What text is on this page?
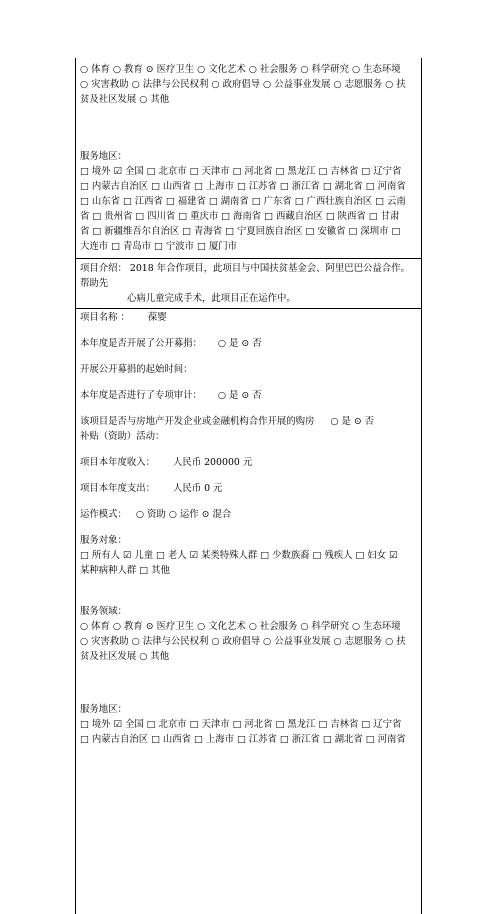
○ 体育 ○ 教育 ⊙ 医疗卫生 ○ 文化艺术 ○ 社会服务 ○ 科学研究 ○ 生态环境
○ 灾害救助 ○ 法律与公民权利 ○ 政府倡导 ○ 公益事业发展 ○ 志愿服务 ○ 扶
贫及社区发展 ○ 其他
服务地区：
□ 境外 ☑ 全国 □ 北京市 □ 天津市 □ 河北省 □ 黑龙江 □ 吉林省 □ 辽宁省
□ 内蒙古自治区 □ 山西省 □ 上海市 □ 江苏省 □ 浙江省 □ 湖北省 □ 河南省
□ 山东省 □ 江西省 □ 福建省 □ 湖南省 □ 广东省 □ 广西壮族自治区 □ 云南
省 □ 贵州省 □ 四川省 □ 重庆市 □ 海南省 □ 西藏自治区 □ 陕西省 □ 甘肃
省 □ 新疆维吾尔自治区 □ 青海省 □ 宁夏回族自治区 □ 安徽省 □ 深圳市 □
大连市 □ 青岛市 □ 宁波市 □ 厦门市
项目介绍： 2018 年合作项目，此项目与中国扶贫基金会、阿里巴巴公益合作。帮助先
心病儿童完成手术，此项目正在运作中。
项目名称 ： 葆婴
本年度是否开展了公开募捐： ○ 是 ⊙ 否
开展公开募捐的起始时间：
本年度是否进行了专项审计： ○ 是 ⊙ 否
该项目是否与房地产开发企业或金融机构合作开展的购房 ○ 是 ⊙ 否
补贴（资助）活动：
项目本年度收入： 人民币 200000 元
项目本年度支出： 人民币 0 元
运作模式： ○ 资助 ○ 运作 ⊙ 混合
服务对象：
□ 所有人 ☑ 儿童 □ 老人 ☑ 某类特殊人群 □ 少数族裔 □ 残疾人 □ 妇女 ☑
某种病种人群 □ 其他
服务领域：
○ 体育 ○ 教育 ⊙ 医疗卫生 ○ 文化艺术 ○ 社会服务 ○ 科学研究 ○ 生态环境
○ 灾害救助 ○ 法律与公民权利 ○ 政府倡导 ○ 公益事业发展 ○ 志愿服务 ○ 扶
贫及社区发展 ○ 其他
服务地区：
□ 境外 ☑ 全国 □ 北京市 □ 天津市 □ 河北省 □ 黑龙江 □ 吉林省 □ 辽宁省
□ 内蒙古自治区 □ 山西省 □ 上海市 □ 江苏省 □ 浙江省 □ 湖北省 □ 河南省
